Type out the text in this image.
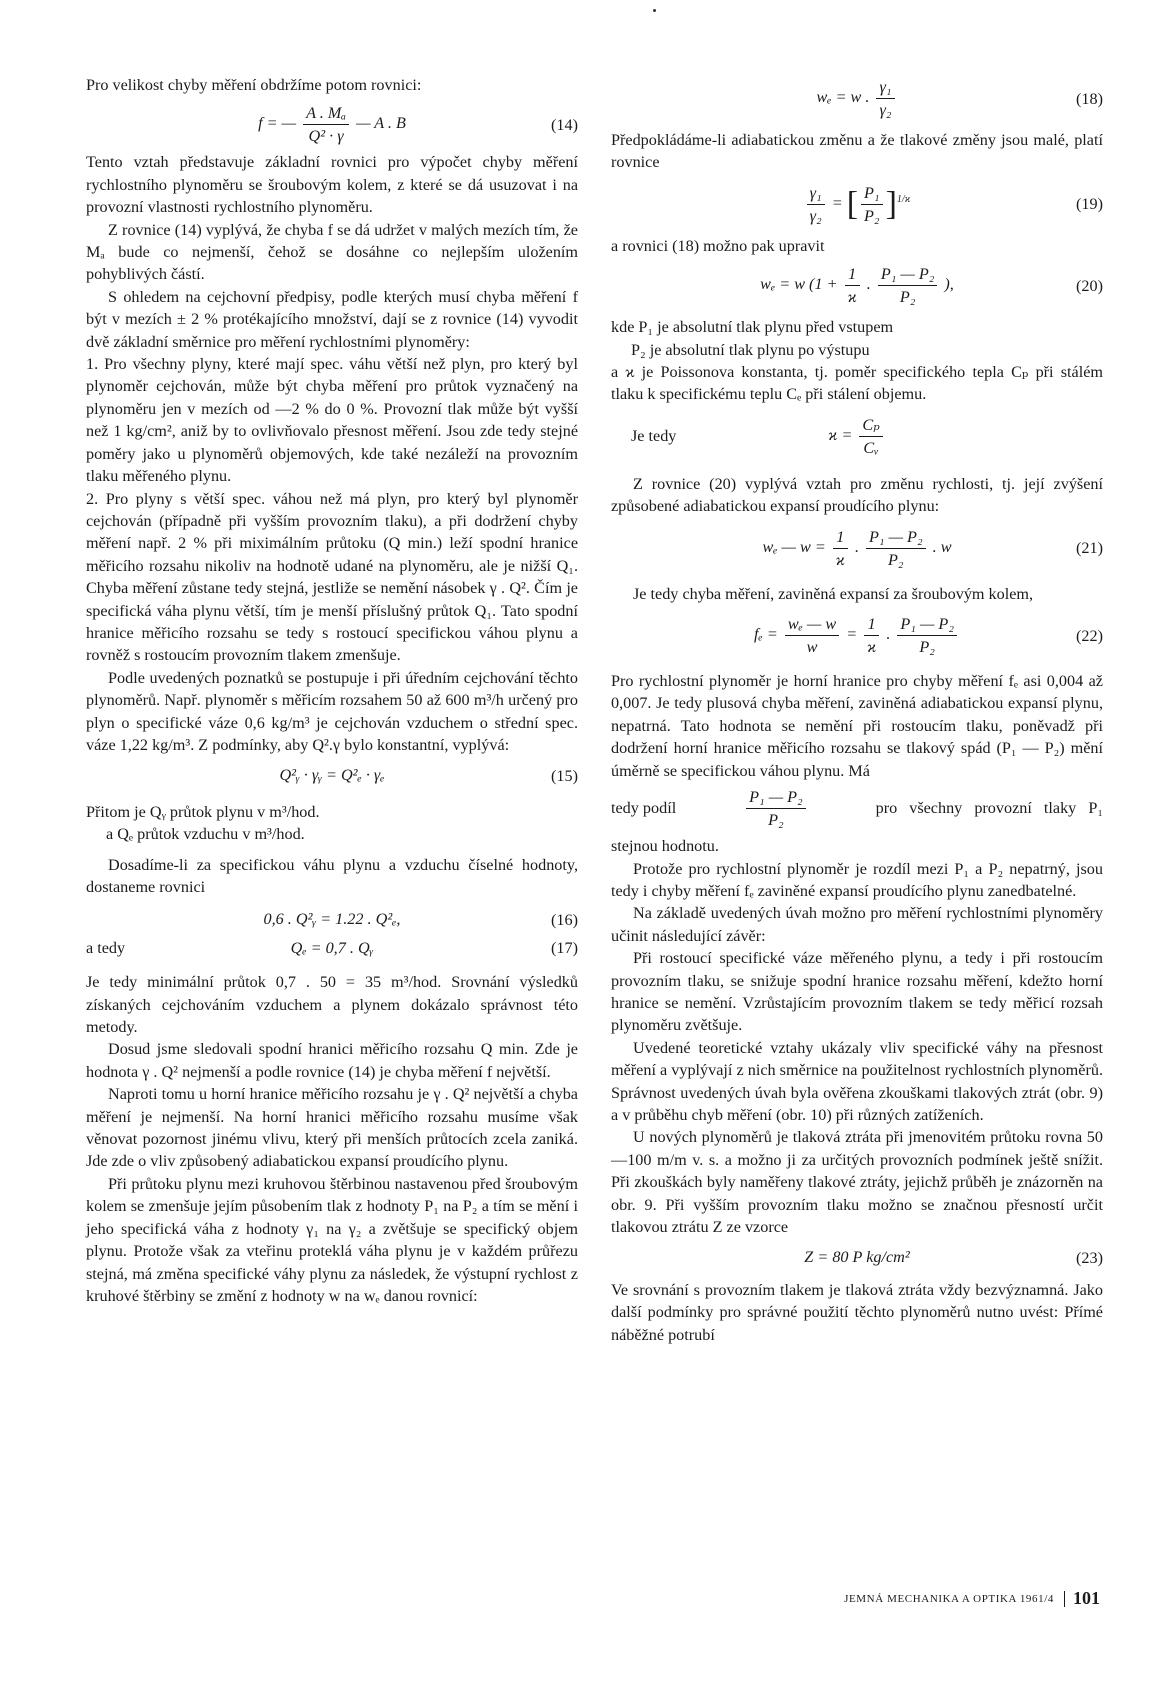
Pro velikost chyby měření obdržíme potom rovnici:

f = — $\frac{\text{A . Mₐ}}{\text{Q² · γ}}$ — A . B	(14)

Tento vztah představuje základní rovnici pro výpočet chyby měření rychlostního plynoměru se šroubovým kolem, z které se dá usuzovat i na provozní vlastnosti rychlostního plynoměru.

Z rovnice (14) vyplývá, že chyba f se dá udržet v malých mezích tím, že Mₐ bude co nejmenší, čehož se dosáhne co nejlepším uložením pohyblivých částí.

S ohledem na cejchovní předpisy, podle kterých musí chyba měření f být v mezích ± 2 % protékajícího množství, dají se z rovnice (14) vyvodit dvě základní směrnice pro měření rychlostními plynoměry:

1. Pro všechny plyny, které mají spec. váhu větší než plyn, pro který byl plynoměr cejchován, může být chyba měření pro průtok vyznačený na plynoměru jen v mezích od —2 % do 0 %. Provozní tlak může být vyšší než 1 kg/cm², aniž by to ovlivňovalo přesnost měření. Jsou zde tedy stejné poměry jako u plynoměrů objemových, kde také nezáleží na provozním tlaku měřeného plynu.

2. Pro plyny s větší spec. váhou než má plyn, pro který byl plynoměr cejchován (případně při vyšším provozním tlaku), a při dodržení chyby měření např. 2 % při miximálním průtoku (Q min.) leží spodní hranice měřicího rozsahu nikoliv na hodnotě udané na plynoměru, ale je nižší Q₁. Chyba měření zůstane tedy stejná, jestliže se nemění násobek γ . Q². Čím je specifická váha plynu větší, tím je menší příslušný průtok Q₁. Tato spodní hranice měřicího rozsahu se tedy s rostoucí specifickou váhou plynu a rovněž s rostoucím provozním tlakem zmenšuje.

Podle uvedených poznatků se postupuje i při úředním cejchování těchto plynoměrů. Např. plynoměr s měřicím rozsahem 50 až 600 m³/h určený pro plyn o specifické váze 0,6 kg/m³ je cejchován vzduchem o střední spec. váze 1,22 kg/m³. Z podmínky, aby Q².γ bylo konstantní, vyplývá:

Q²ᵧ · γᵧ = Q²ₑ · γₑ	(15)

Přitom je Qᵧ průtok plynu v m³/hod.

a Qₑ průtok vzduchu v m³/hod.

Dosadíme-li za specifickou váhu plynu a vzduchu číselné hodnoty, dostaneme rovnici

0,6 . Q²ᵧ = 1.22 . Q²ₑ,	(16)
a tedy	Qₑ = 0,7 . Qᵧ	(17)

Je tedy minimální průtok 0,7 . 50 = 35 m³/hod. Srovnání výsledků získaných cejchováním vzduchem a plynem dokázalo správnost této metody.

Dosud jsme sledovali spodní hranici měřicího rozsahu Q min. Zde je hodnota γ . Q² nejmenší a podle rovnice (14) je chyba měření f největší.

Naproti tomu u horní hranice měřicího rozsahu je γ . Q² největší a chyba měření je nejmenší. Na horní hranici měřicího rozsahu musíme však věnovat pozornost jinému vlivu, který při menších průtocích zcela zaniká. Jde zde o vliv způsobený adiabatickou expansí proudícího plynu.

Při průtoku plynu mezi kruhovou štěrbinou nastavenou před šroubovým kolem se zmenšuje jejím působením tlak z hodnoty P₁ na P₂ a tím se mění i jeho specifická váha z hodnoty γ₁ na γ₂ a zvětšuje se specifický objem plynu. Protože však za vteřinu proteklá váha plynu je v každém průřezu stejná, má změna specifické váhy plynu za následek, že výstupní rychlost z kruhové štěrbiny se změní z hodnoty w na wₑ danou rovnicí:

wₑ = w . $\frac{\text{γ₁}}{\text{γ₂}}$	(18)

Předpokládáme-li adiabatickou změnu a že tlakové změny jsou malé, platí rovnice

$\frac{\text{γ₁}}{\text{γ₂}}$ = [ $\frac{\text{P₁}}{\text{P₂}} ]^{1/ϰ}$	(19)

a rovnici (18) možno pak upravit

wₑ = w ($1 + \frac{1}{ϰ}$ . $\frac{\text{P₁ — P₂}}{\text{P₂}}$ ),	(20)

kde P₁ je absolutní tlak plynu před vstupem

P₂ je absolutní tlak plynu po výstupu

a ϰ je Poissonova konstanta, tj. poměr specifického tepla Cₚ při stálém tlaku k specifickému teplu Cₑ při stálení objemu.

Je tedy	$ϰ = \frac{\text{Cₚ}}{\text{Cᵥ}}$

Z rovnice (20) vyplývá vztah pro změnu rychlosti, tj. její zvýšení způsobené adiabatickou expansí proudícího plynu:

wₑ — $w = \frac{1}{ϰ}$ . $\frac{\text{P₁ — P₂}}{\text{P₂}}$ . w	(21)

Je tedy chyba měření, zaviněná expansí za šroubovým kolem,

$f_e = \frac{\text{wₑ — w}}{w} = \frac{1}{ϰ}$ . $\frac{\text{P₁ — P₂}}{\text{P₂}}$	(22)

Pro rychlostní plynoměr je horní hranice pro chyby měření fₑ asi 0,004 až 0,007. Je tedy plusová chyba měření, zaviněná adiabatickou expansí plynu, nepatrná. Tato hodnota se nemění při rostoucím tlaku, poněvadž při dodržení horní hranice měřicího rozsahu se tlakový spád (P₁ — P₂) mění úměrně se specifickou váhou plynu. Má

tedy podíl	$\frac{\text{P₁ — P₂}}{\text{P₂}}$	pro všechny provozní tlaky P₁

stejnou hodnotu.

Protože pro rychlostní plynoměr je rozdíl mezi P₁ a P₂ nepatrný, jsou tedy i chyby měření fₑ zaviněné expansí proudícího plynu zanedbatelné.

Na základě uvedených úvah možno pro měření rychlostními plynoměry učinit následující závěr:

Při rostoucí specifické váze měřeného plynu, a tedy i při rostoucím provozním tlaku, se snižuje spodní hranice rozsahu měření, kdežto horní hranice se nemění. Vzrůstajícím provozním tlakem se tedy měřicí rozsah plynoměru zvětšuje.

Uvedené teoretické vztahy ukázaly vliv specifické váhy na přesnost měření a vyplývají z nich směrnice na použitelnost rychlostních plynoměrů. Správnost uvedených úvah byla ověřena zkouškami tlakových ztrát (obr. 9) a v průběhu chyb měření (obr. 10) při různých zatíženích.

U nových plynoměrů je tlaková ztráta při jmenovitém průtoku rovna 50—100 m/m v. s. a možno ji za určitých provozních podmínek ještě snížit. Při zkouškách byly naměřeny tlakové ztráty, jejichž průběh je znázorněn na obr. 9. Při vyšším provozním tlaku možno se značnou přesností určit tlakovou ztrátu Z ze vzorce

Z = 80 P kg/cm²	(23)

Ve srovnání s provozním tlakem je tlaková ztráta vždy bezvýznamná. Jako další podmínky pro správné použití těchto plynoměrů nutno uvést: Přímé náběžné potrubí

JEMNÁ MECHANIKA A OPTIKA 1961/4 101
